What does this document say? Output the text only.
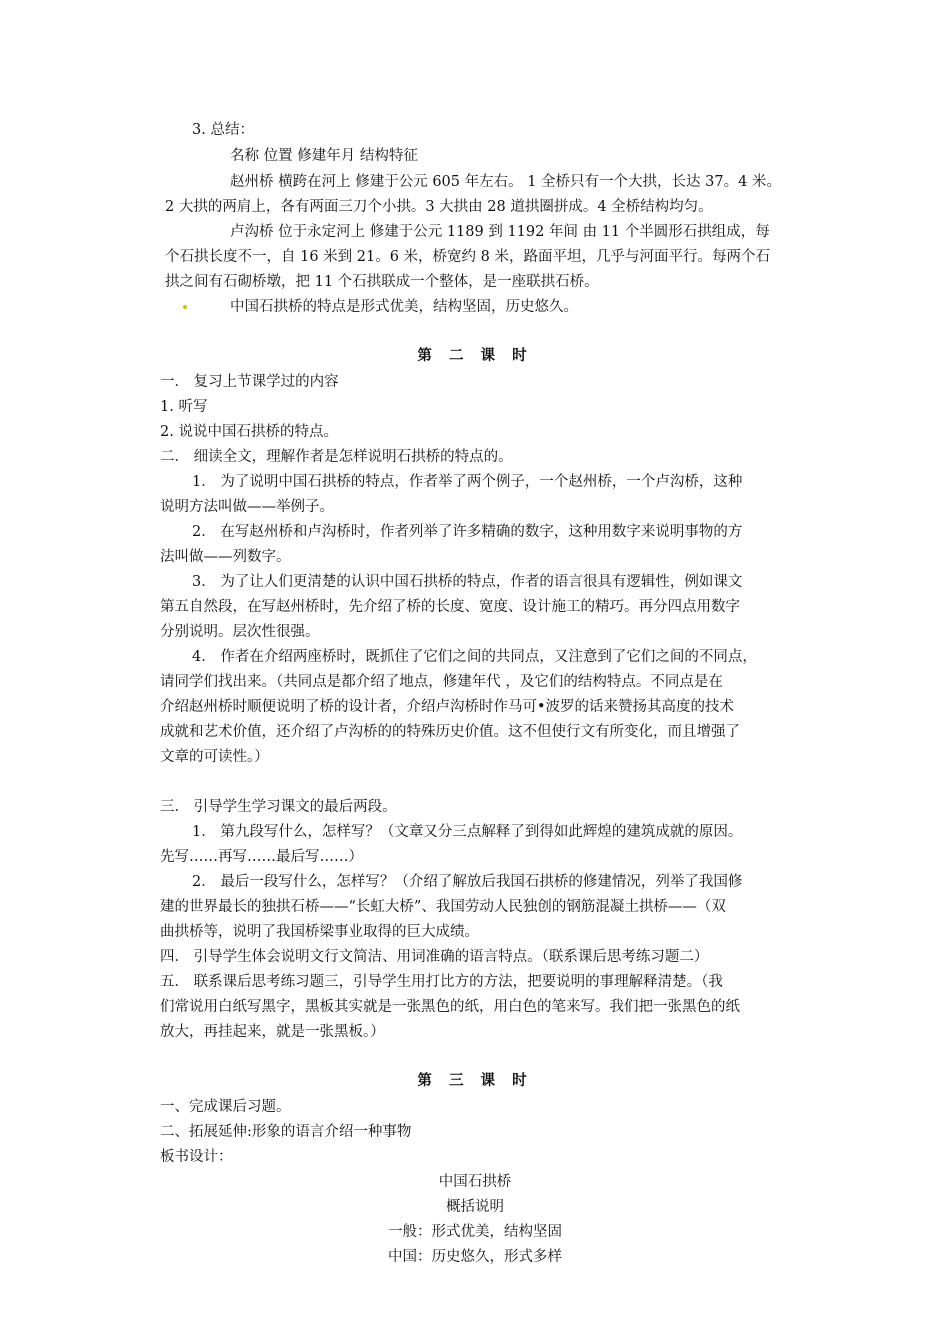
3. 总结：
名称 位置 修建年月 结构特征
赵州桥 横跨在河上 修建于公元 605 年左右。 1 全桥只有一个大拱，长达 37。4 米。
2 大拱的两肩上，各有两面三刀个小拱。3 大拱由 28 道拱圈拼成。4 全桥结构均匀。
卢沟桥 位于永定河上 修建于公元 1189 到 1192 年间 由 11 个半圆形石拱组成，每
个石拱长度不一，自 16 米到 21。6 米，桥宽约 8 米，路面平坦，几乎与河面平行。每两个石
拱之间有石砌桥墩，把 11 个石拱联成一个整体，是一座联拱石桥。
中国石拱桥的特点是形式优美，结构坚固，历史悠久。
第 二 课 时
一． 复习上节课学过的内容
1. 听写
2. 说说中国石拱桥的特点。
二． 细读全文，理解作者是怎样说明石拱桥的特点的。
1． 为了说明中国石拱桥的特点，作者举了两个例子，一个赵州桥，一个卢沟桥，这种
说明方法叫做——举例子。
2． 在写赵州桥和卢沟桥时，作者列举了许多精确的数字，这种用数字来说明事物的方
法叫做——列数字。
3． 为了让人们更清楚的认识中国石拱桥的特点，作者的语言很具有逻辑性，例如课文
第五自然段，在写赵州桥时，先介绍了桥的长度、宽度、设计施工的精巧。再分四点用数字
分别说明。层次性很强。
4． 作者在介绍两座桥时，既抓住了它们之间的共同点，又注意到了它们之间的不同点，
请同学们找出来。（共同点是都介绍了地点，修建年代 ，及它们的结构特点。不同点是在
介绍赵州桥时顺便说明了桥的设计者，介绍卢沟桥时作马可•波罗的话来赞扬其高度的技术
成就和艺术价值，还介绍了卢沟桥的的特殊历史价值。这不但使行文有所变化，而且增强了
文章的可读性。）
三． 引导学生学习课文的最后两段。
1． 第九段写什么，怎样写？（文章又分三点解释了到得如此辉煌的建筑成就的原因。
先写……再写……最后写……）
2． 最后一段写什么，怎样写？（介绍了解放后我国石拱桥的修建情况，列举了我国修
建的世界最长的独拱石桥——“长虹大桥”、我国劳动人民独创的钢筋混凝土拱桥——（双
曲拱桥等，说明了我国桥梁事业取得的巨大成绩。
四． 引导学生体会说明文行文简洁、用词准确的语言特点。（联系课后思考练习题二）
五． 联系课后思考练习题三，引导学生用打比方的方法，把要说明的事理解释清楚。（我
们常说用白纸写黑字，黑板其实就是一张黑色的纸，用白色的笔来写。我们把一张黑色的纸
放大，再挂起来，就是一张黑板。）
第 三 课 时
一、完成课后习题。
二、拓展延伸:形象的语言介绍一种事物
板书设计：
中国石拱桥
概括说明
一般：形式优美，结构坚固
中国：历史悠久，形式多样
